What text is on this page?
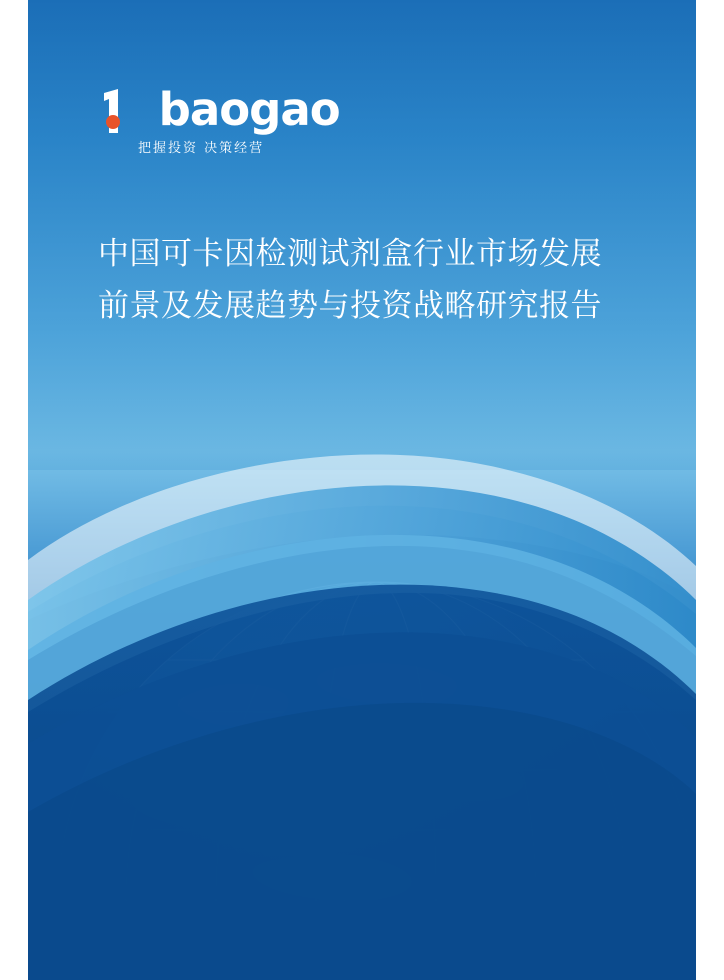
baogao
把握投资 决策经营
中国可卡因检测试剂盒行业市场发展
前景及发展趋势与投资战略研究报告
